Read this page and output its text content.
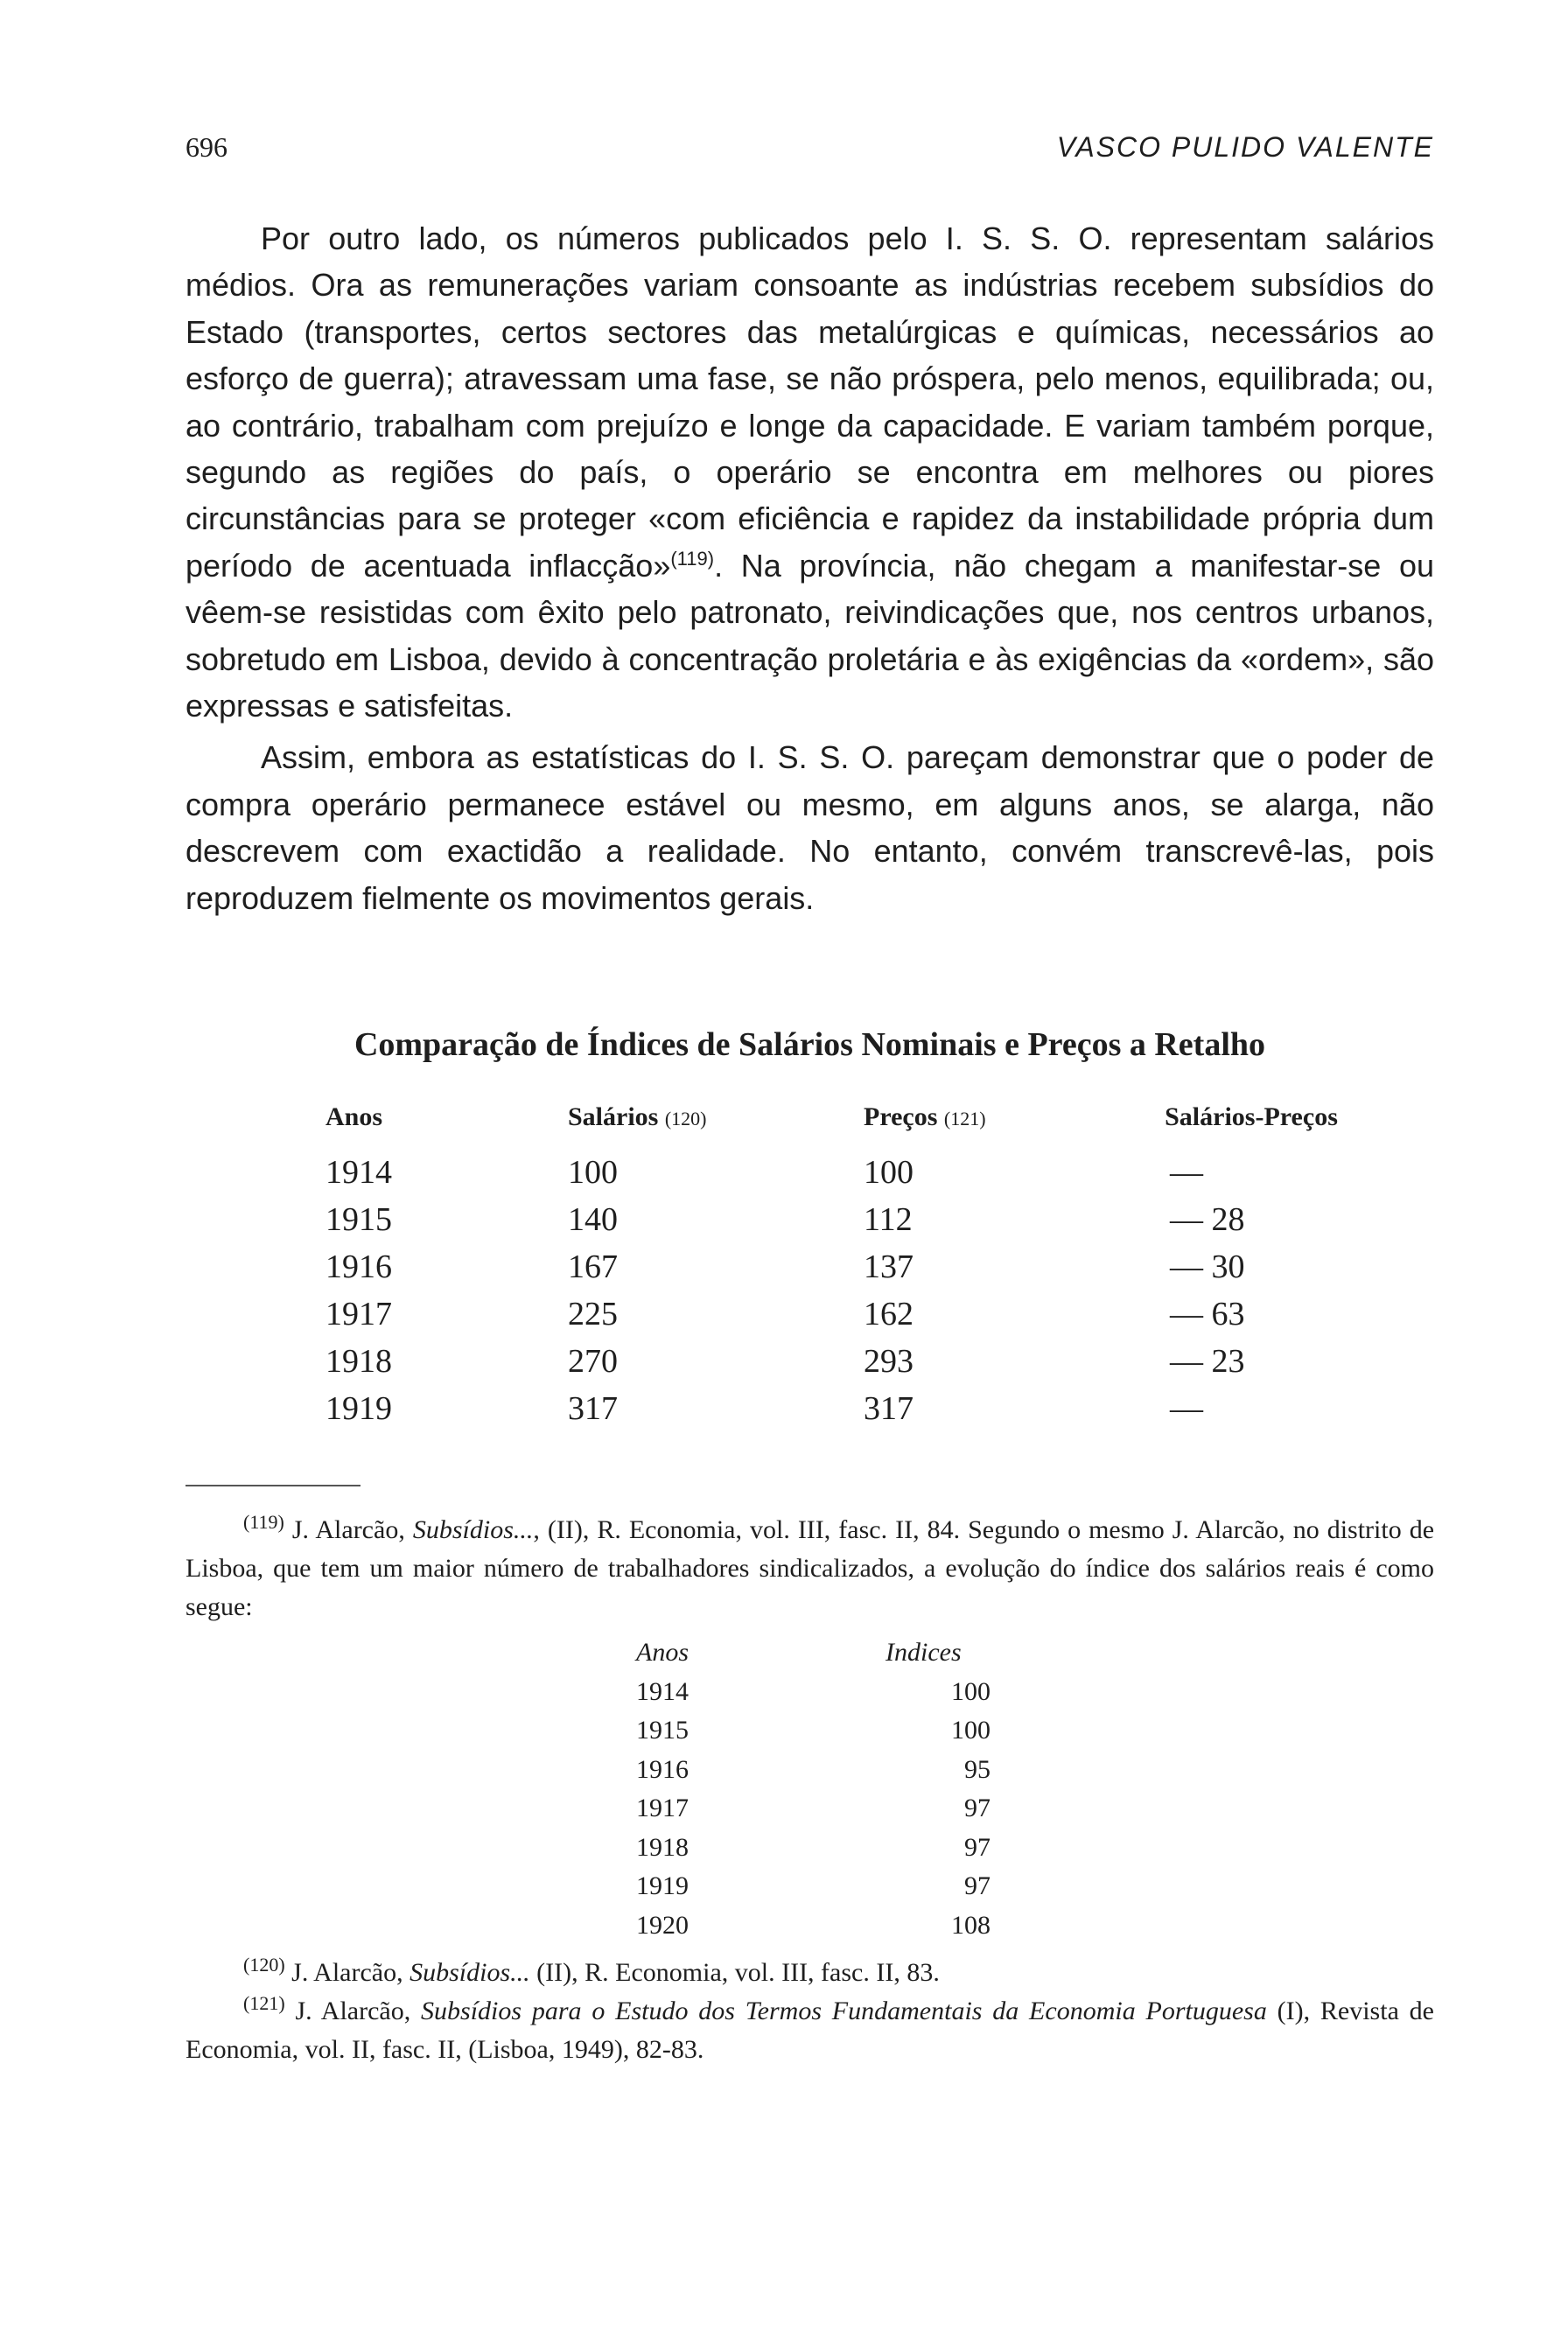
696	VASCO PULIDO VALENTE

Por outro lado, os números publicados pelo I. S. S. O. representam salários médios. Ora as remunerações variam consoante as indústrias recebem subsídios do Estado (transportes, certos sectores das metalúrgicas e químicas, necessários ao esforço de guerra); atravessam uma fase, se não próspera, pelo menos, equilibrada; ou, ao contrário, trabalham com prejuízo e longe da capacidade. E variam também porque, segundo as regiões do país, o operário se encontra em melhores ou piores circunstâncias para se proteger «com eficiência e rapidez da instabilidade própria dum período de acentuada inflacção»$^{(119)}$. Na província, não chegam a manifestar-se ou vêem-se resistidas com êxito pelo patronato, reivindicações que, nos centros urbanos, sobretudo em Lisboa, devido à concentração proletária e às exigências da «ordem», são expressas e satisfeitas.

Assim, embora as estatísticas do I. S. S. O. pareçam demonstrar que o poder de compra operário permanece estável ou mesmo, em alguns anos, se alarga, não descrevem com exactidão a realidade. No entanto, convém transcrevê-las, pois reproduzem fielmente os movimentos gerais.

Comparação de Índices de Salários Nominais e Preços a Retalho
Anos	Salários (120)	Preços (121)	Salários-Preços
1914	100	100	—
1915	140	112	— 28
1916	167	137	— 30
1917	225	162	— 63
1918	270	293	— 23
1919	317	317	—

$^{(119)}$ J. Alarcão, Subsídios..., (II), R. Economia, vol. III, fasc. II, 84. Segundo o mesmo J. Alarcão, no distrito de Lisboa, que tem um maior número de trabalhadores sindicalizados, a evolução do índice dos salários reais é como segue:

Anos	Indices
1914	100
1915	100
1916	95
1917	97
1918	97
1919	97
1920	108

$^{(120)}$ J. Alarcão, Subsídios... (II), R. Economia, vol. III, fasc. II, 83.

$^{(121)}$ J. Alarcão, Subsídios para o Estudo dos Termos Fundamentais da Economia Portuguesa (I), Revista de Economia, vol. II, fasc. II, (Lisboa, 1949), 82-83.
